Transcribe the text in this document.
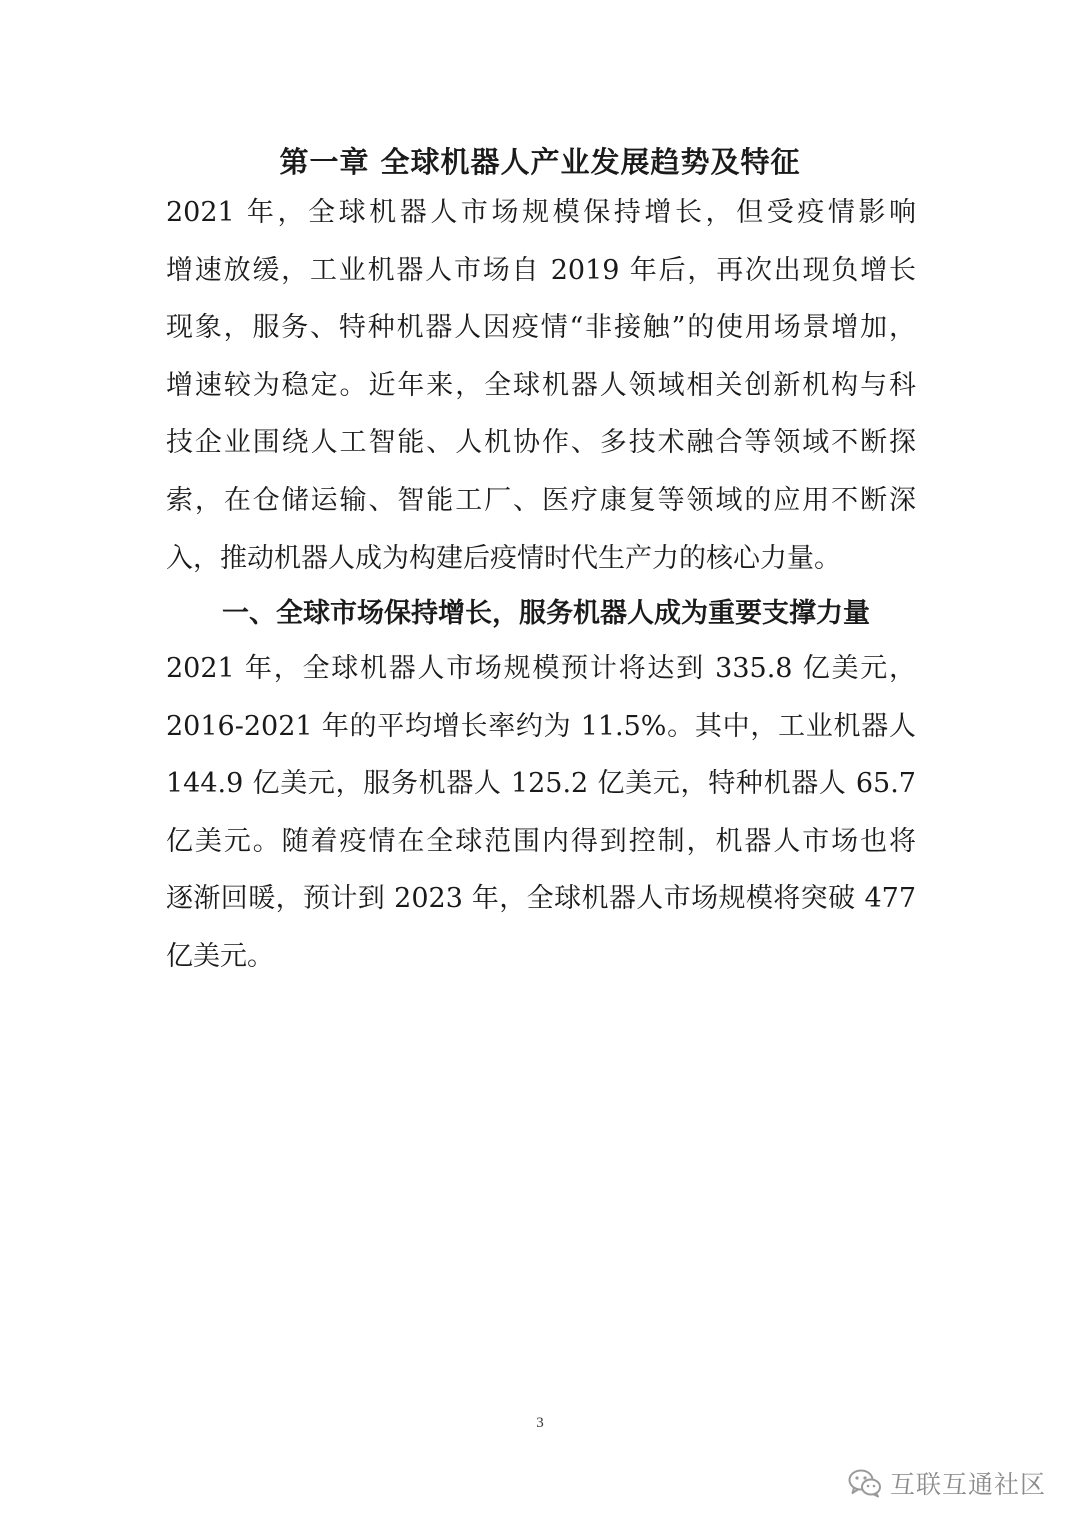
第一章 全球机器人产业发展趋势及特征

2021 年，全球机器人市场规模保持增长，但受疫情影响
增速放缓，工业机器人市场自 2019 年后，再次出现负增长
现象，服务、特种机器人因疫情“非接触”的使用场景增加，
增速较为稳定。近年来，全球机器人领域相关创新机构与科
技企业围绕人工智能、人机协作、多技术融合等领域不断探
索，在仓储运输、智能工厂、医疗康复等领域的应用不断深
入，推动机器人成为构建后疫情时代生产力的核心力量。

一、全球市场保持增长，服务机器人成为重要支撑力量

2021 年，全球机器人市场规模预计将达到 335.8 亿美元，
2016-2021 年的平均增长率约为 11.5%。其中，工业机器人
144.9 亿美元，服务机器人 125.2 亿美元，特种机器人 65.7
亿美元。随着疫情在全球范围内得到控制，机器人市场也将
逐渐回暖，预计到 2023 年，全球机器人市场规模将突破 477
亿美元。

3
互联互通社区
